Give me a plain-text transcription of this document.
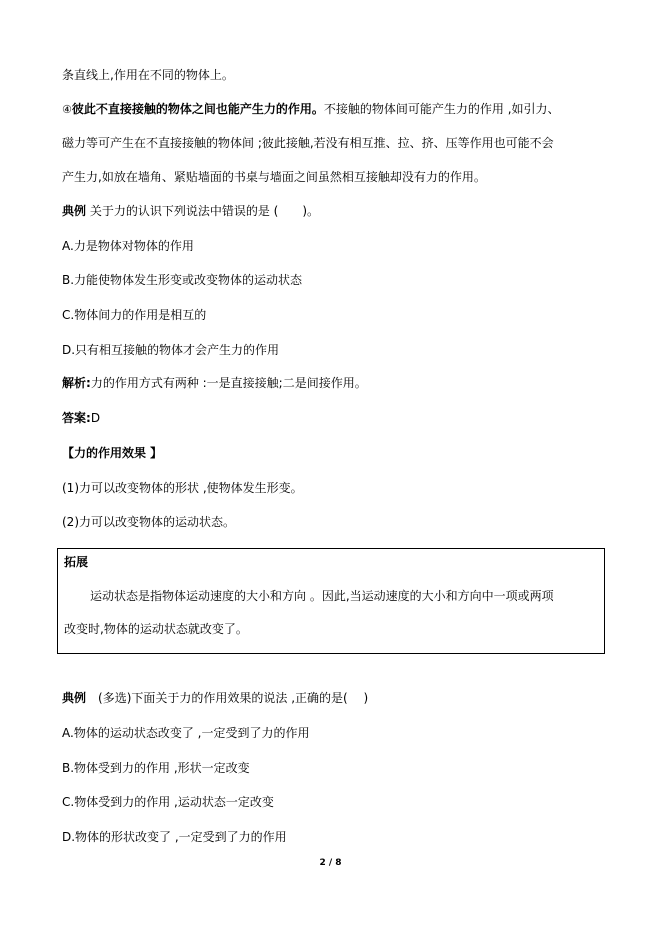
条直线上,作用在不同的物体上。
④彼此不直接接触的物体之间也能产生力的作用。不接触的物体间可能产生力的作用 ,如引力、
磁力等可产生在不直接接触的物体间 ;彼此接触,若没有相互推、拉、挤、压等作用也可能不会
产生力,如放在墙角、紧贴墙面的书桌与墙面之间虽然相互接触却没有力的作用。
典例 关于力的认识下列说法中错误的是 (　　)。
A.力是物体对物体的作用
B.力能使物体发生形变或改变物体的运动状态
C.物体间力的作用是相互的
D.只有相互接触的物体才会产生力的作用
解析:力的作用方式有两种 :一是直接接触;二是间接作用。
答案:D
【力的作用效果 】
(1)力可以改变物体的形状 ,使物体发生形变。
(2)力可以改变物体的运动状态。
拓展
运动状态是指物体运动速度的大小和方向 。因此,当运动速度的大小和方向中一项或两项
改变时,物体的运动状态就改变了。
典例　(多选)下面关于力的作用效果的说法 ,正确的是(　 )
A.物体的运动状态改变了 ,一定受到了力的作用
B.物体受到力的作用 ,形状一定改变
C.物体受到力的作用 ,运动状态一定改变
D.物体的形状改变了 ,一定受到了力的作用
2 / 8
